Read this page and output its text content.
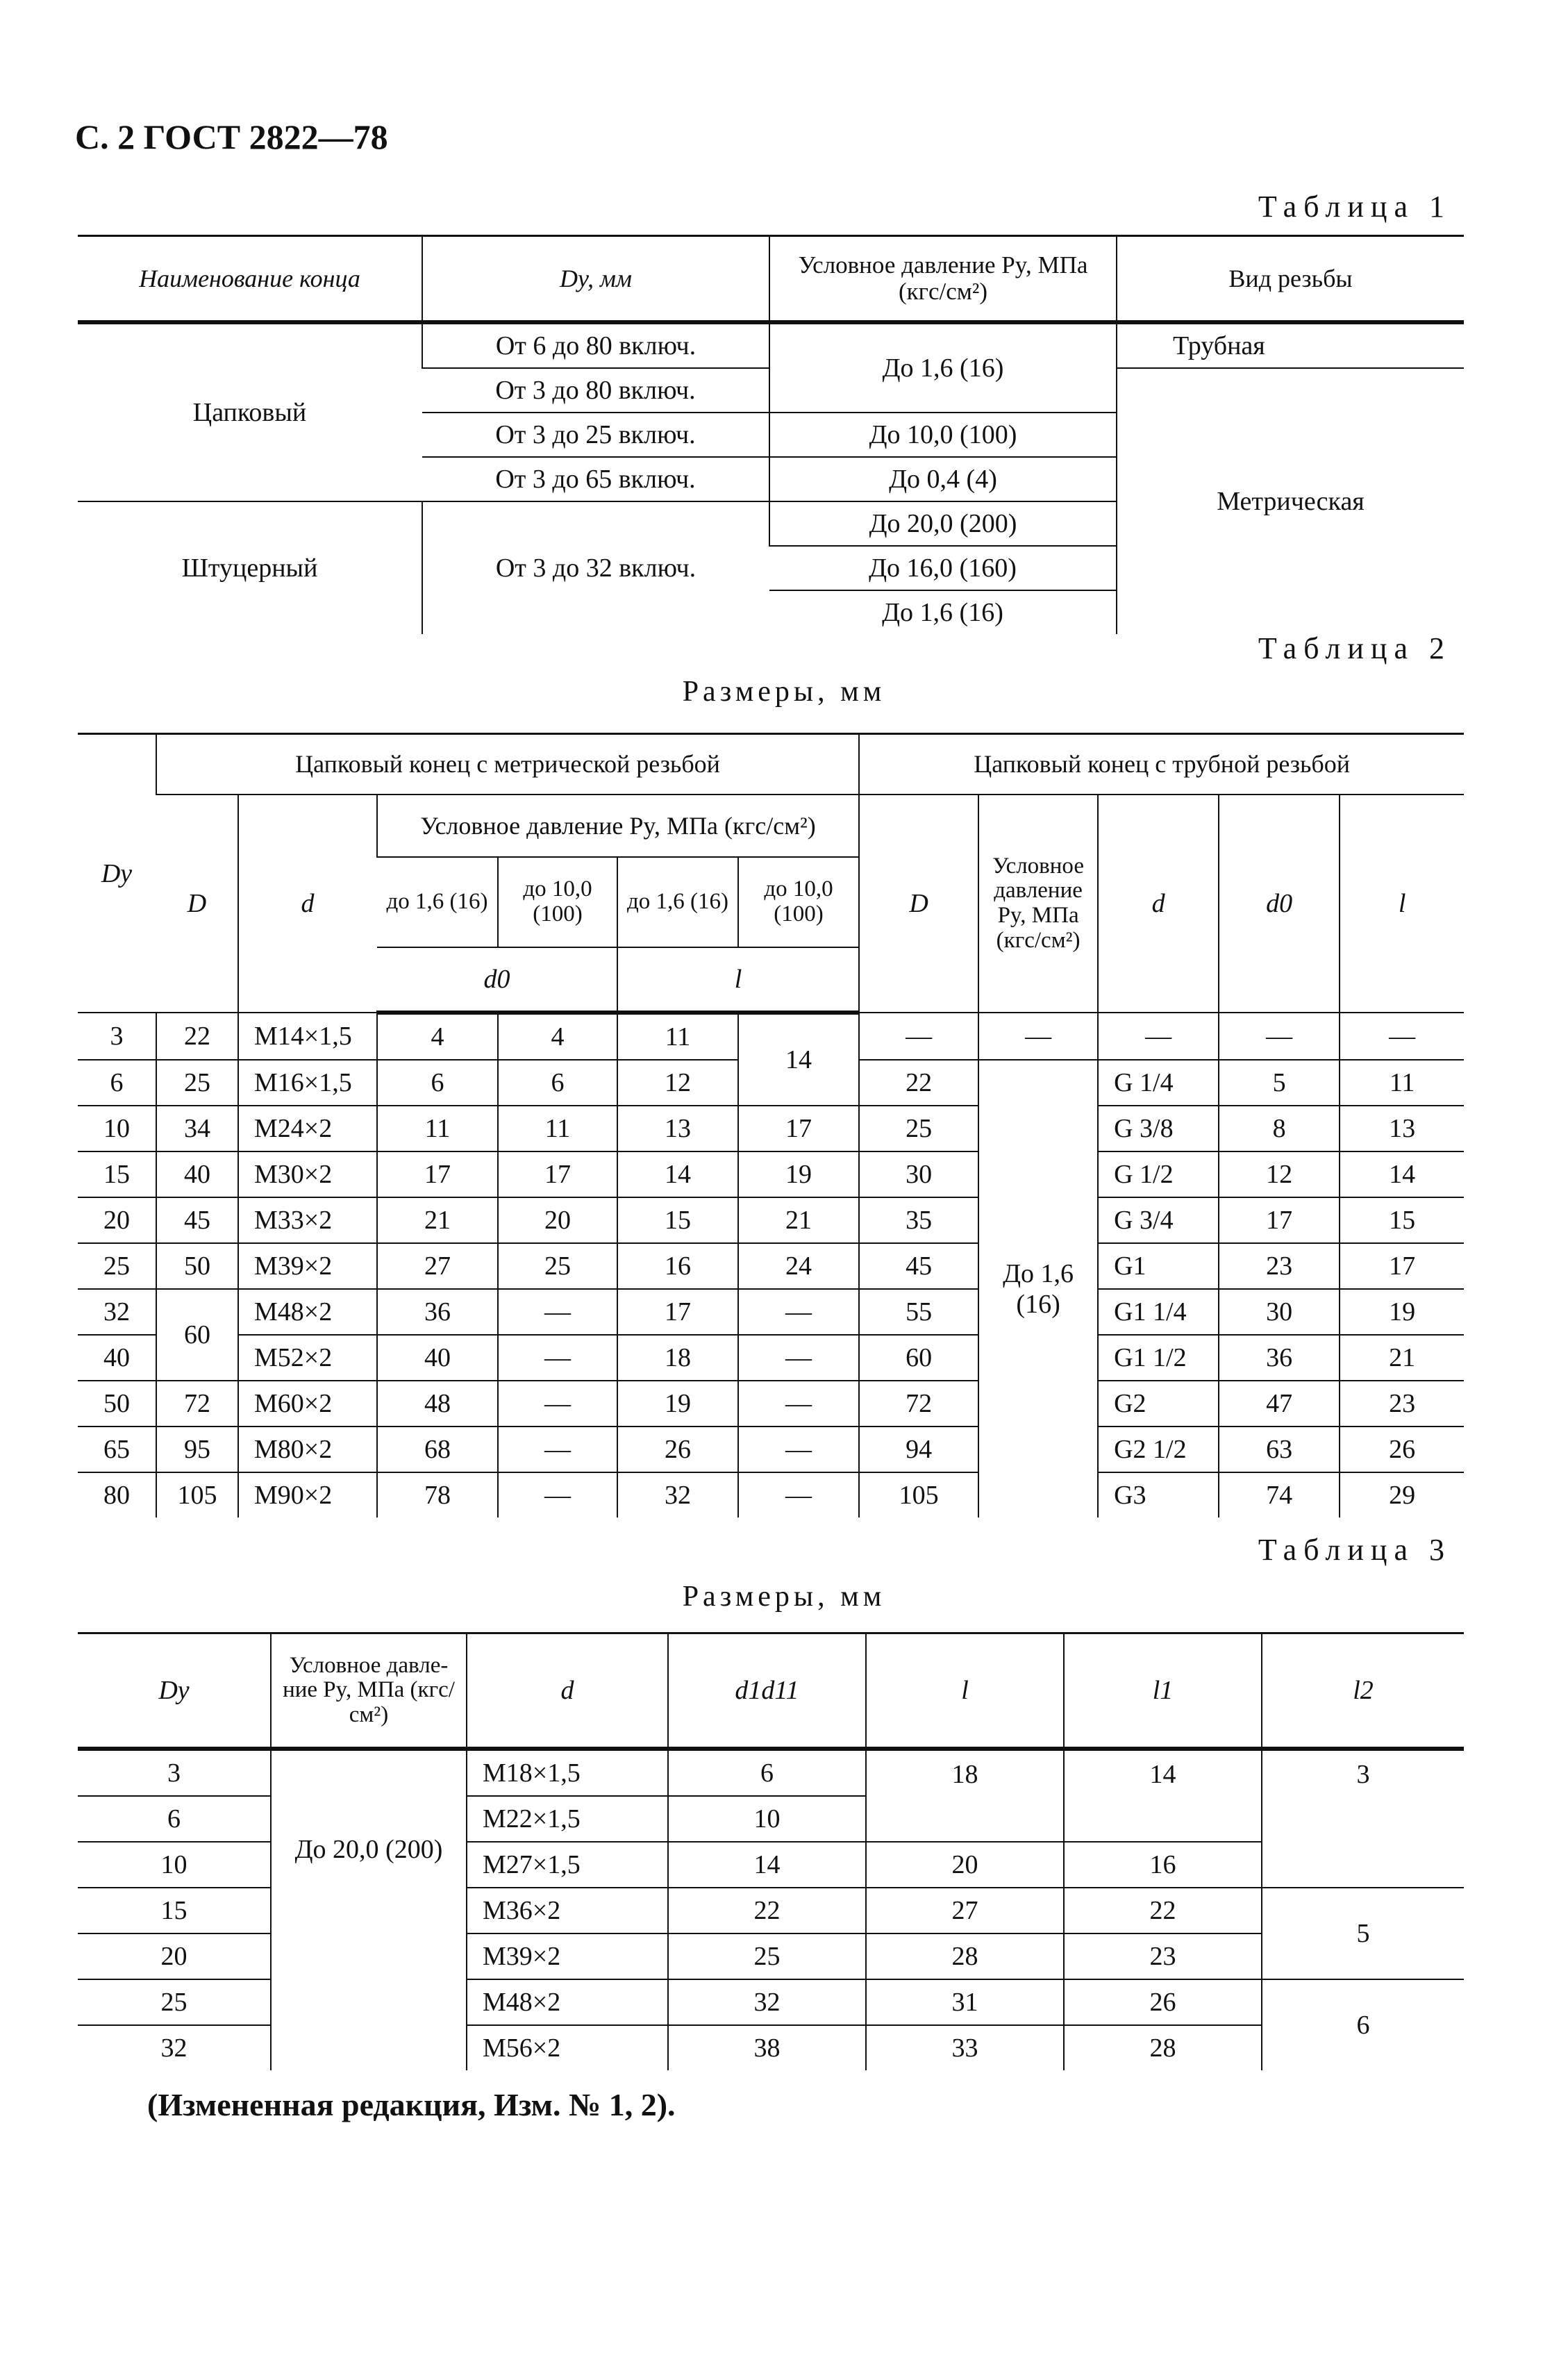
С. 2 ГОСТ 2822—78
Таблица 1
Наименование конца	Dy, мм	Условное давление Py, МПа (кгс/см²)	Вид резьбы
Цапковый	От 6 до 80 включ.	До 1,6 (16)	Трубная
	От 3 до 80 включ.		Метрическая
	От 3 до 25 включ.	До 10,0 (100)	
	От 3 до 65 включ.	До 0,4 (4)	
Штуцерный	От 3 до 32 включ.	До 20,0 (200)	
		До 16,0 (160)	
		До 1,6 (16)	
Таблица 2
Размеры, мм
Dy	Цапковый конец с метрической резьбой						Цапковый конец с трубной резьбой				
	D	d	Условное давление Py, МПа (кгс/см²)				D	Условное давление Py, МПа (кгс/см²)	d	d0	l
			до 1,6 (16)	до 10,0 (100)	до 1,6 (16)	до 10,0 (100)					
			d0		l						
3	22	M14×1,5	4	4	11	14	—	—	—	—	—
6	25	M16×1,5	6	6	12		22	До 1,6 (16)	G 1/4	5	11
10	34	M24×2	11	11	13	17	25		G 3/8	8	13
15	40	M30×2	17	17	14	19	30		G 1/2	12	14
20	45	M33×2	21	20	15	21	35		G 3/4	17	15
25	50	M39×2	27	25	16	24	45		G1	23	17
32	60	M48×2	36	—	17	—	55		G1 1/4	30	19
40		M52×2	40	—	18	—	60		G1 1/2	36	21
50	72	M60×2	48	—	19	—	72		G2	47	23
65	95	M80×2	68	—	26	—	94		G2 1/2	63	26
80	105	M90×2	78	—	32	—	105		G3	74	29
Таблица 3
Размеры, мм
Dy	Условное давле-ние Py, МПа (кгс/см²)	d	d1d11	l	l1	l2
3	До 20,0 (200)	M18×1,5	6	18	14	3
6		M22×1,5	10			
10		M27×1,5	14	20	16	
15		M36×2	22	27	22	5
20		M39×2	25	28	23	
25		M48×2	32	31	26	6
32		M56×2	38	33	28	
(Измененная редакция, Изм. № 1, 2).
